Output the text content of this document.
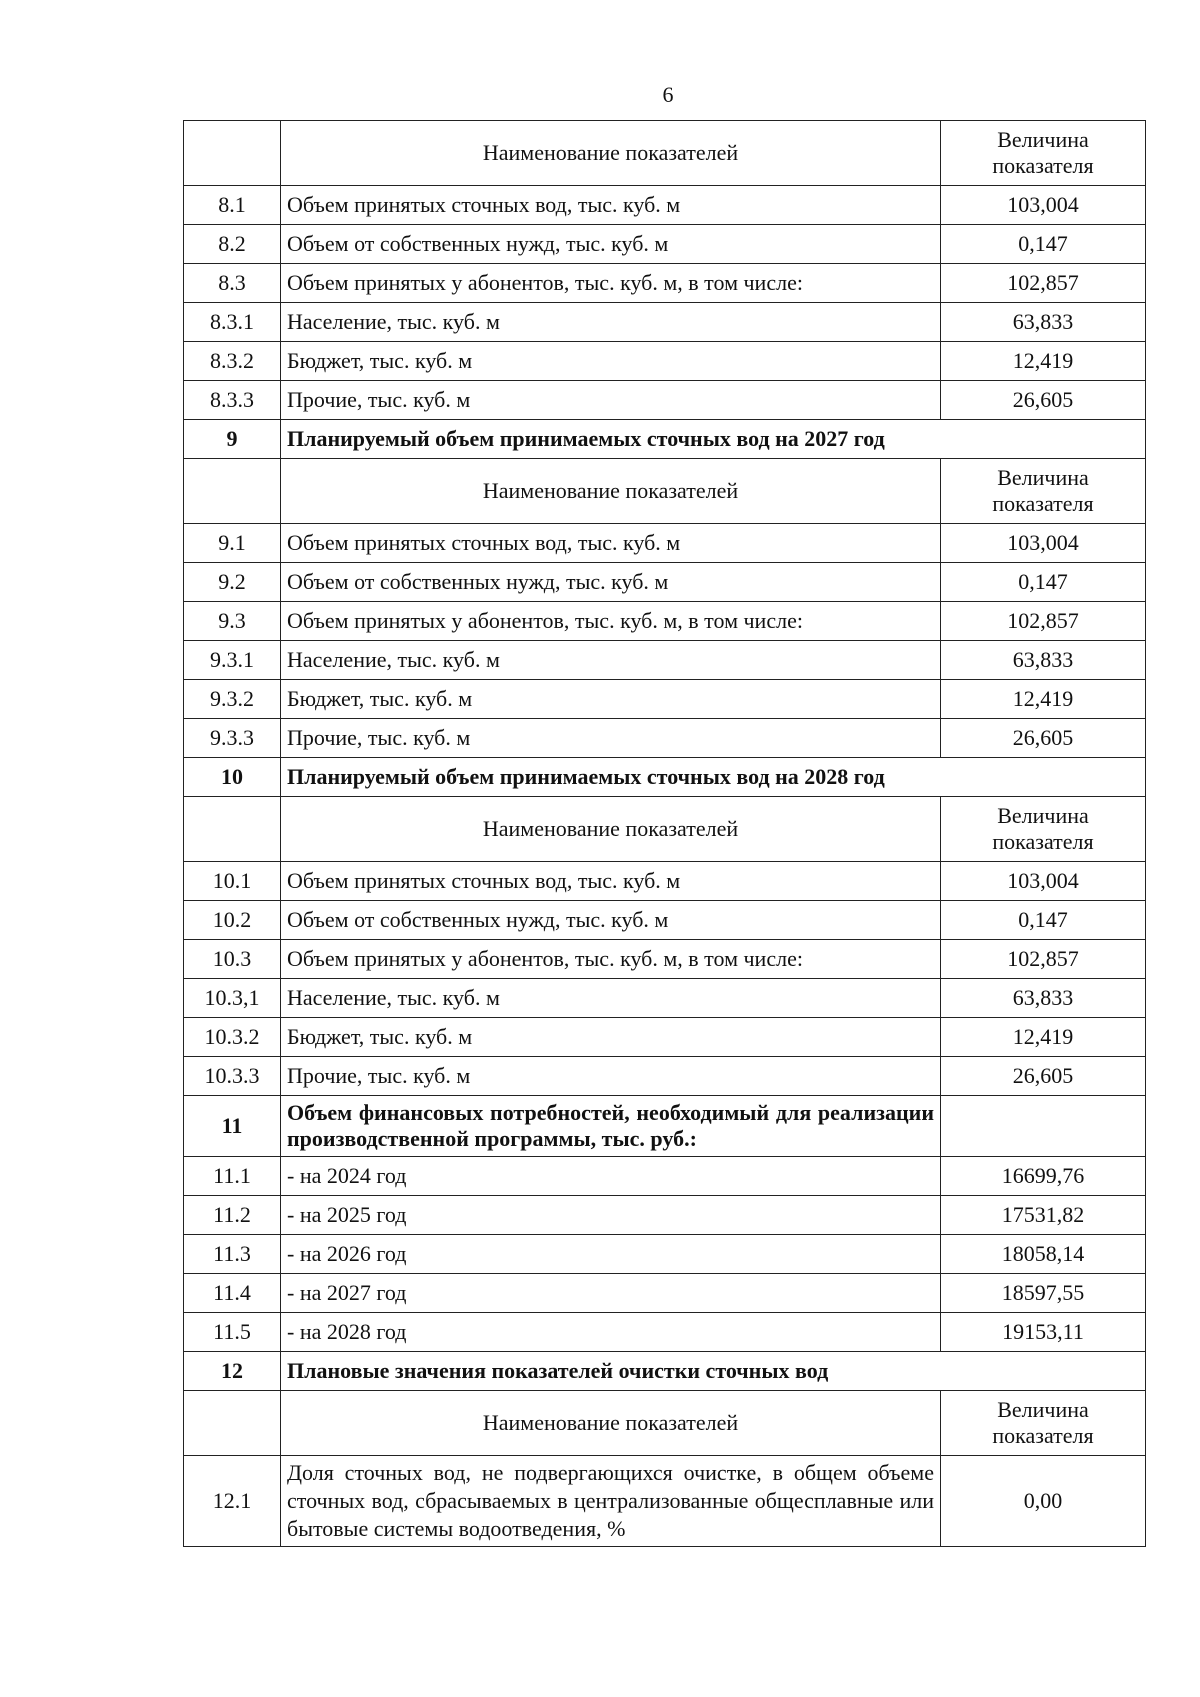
6
	Наименование показателей	Величина показателя
8.1	Объем принятых сточных вод, тыс. куб. м	103,004
8.2	Объем от собственных нужд, тыс. куб. м	0,147
8.3	Объем принятых у абонентов, тыс. куб. м, в том числе:	102,857
8.3.1	Население, тыс. куб. м	63,833
8.3.2	Бюджет, тыс. куб. м	12,419
8.3.3	Прочие, тыс. куб. м	26,605
9	Планируемый объем принимаемых сточных вод на 2027 год	
	Наименование показателей	Величина показателя
9.1	Объем принятых сточных вод, тыс. куб. м	103,004
9.2	Объем от собственных нужд, тыс. куб. м	0,147
9.3	Объем принятых у абонентов, тыс. куб. м, в том числе:	102,857
9.3.1	Население, тыс. куб. м	63,833
9.3.2	Бюджет, тыс. куб. м	12,419
9.3.3	Прочие, тыс. куб. м	26,605
10	Планируемый объем принимаемых сточных вод на 2028 год	
	Наименование показателей	Величина показателя
10.1	Объем принятых сточных вод, тыс. куб. м	103,004
10.2	Объем от собственных нужд, тыс. куб. м	0,147
10.3	Объем принятых у абонентов, тыс. куб. м, в том числе:	102,857
10.3,1	Население, тыс. куб. м	63,833
10.3.2	Бюджет, тыс. куб. м	12,419
10.3.3	Прочие, тыс. куб. м	26,605
11	Объем финансовых потребностей, необходимый для реализации производственной программы, тыс. руб.:	
11.1	- на 2024 год	16699,76
11.2	- на 2025 год	17531,82
11.3	- на 2026 год	18058,14
11.4	- на 2027 год	18597,55
11.5	- на 2028 год	19153,11
12	Плановые значения показателей очистки сточных вод	
	Наименование показателей	Величина показателя
12.1	Доля сточных вод, не подвергающихся очистке, в общем объеме сточных вод, сбрасываемых в централизованные общесплавные или бытовые системы водоотведения, %	0,00
